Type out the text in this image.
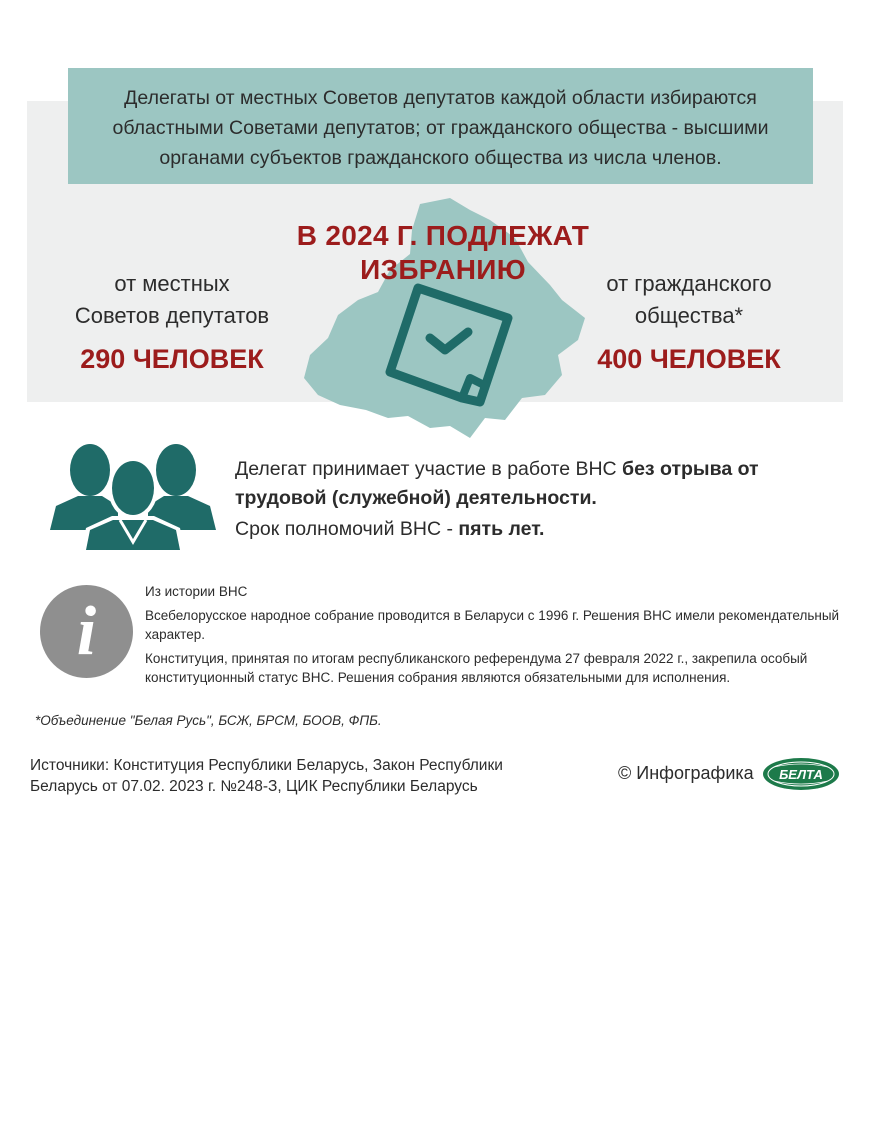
Делегаты от местных Советов депутатов каждой области избираются областными Советами депутатов; от гражданского общества - высшими органами субъектов гражданского общества из числа членов.
В 2024 Г. ПОДЛЕЖАТ
ИЗБРАНИЮ
от местных
Советов депутатов
290 ЧЕЛОВЕК
от гражданского
общества*
400 ЧЕЛОВЕК

Делегат принимает участие в работе ВНС без отрыва от трудовой (служебной) деятельности.

Срок полномочий ВНС - пять лет.

i

Из истории ВНС

Всебелорусское народное собрание проводится в Беларуси с 1996 г. Решения ВНС имели рекомендательный характер.

Конституция, принятая по итогам республиканского референдума 27 февраля 2022 г., закрепила особый конституционный статус ВНС. Решения собрания являются обязательными для исполнения.

*Объединение "Белая Русь", БСЖ, БРСМ, БООВ, ФПБ.
Источники: Конституция Республики Беларусь, Закон Республики
Беларусь от 07.02. 2023 г. №248-З, ЦИК Республики Беларусь
© Инфографика БЕЛТА
